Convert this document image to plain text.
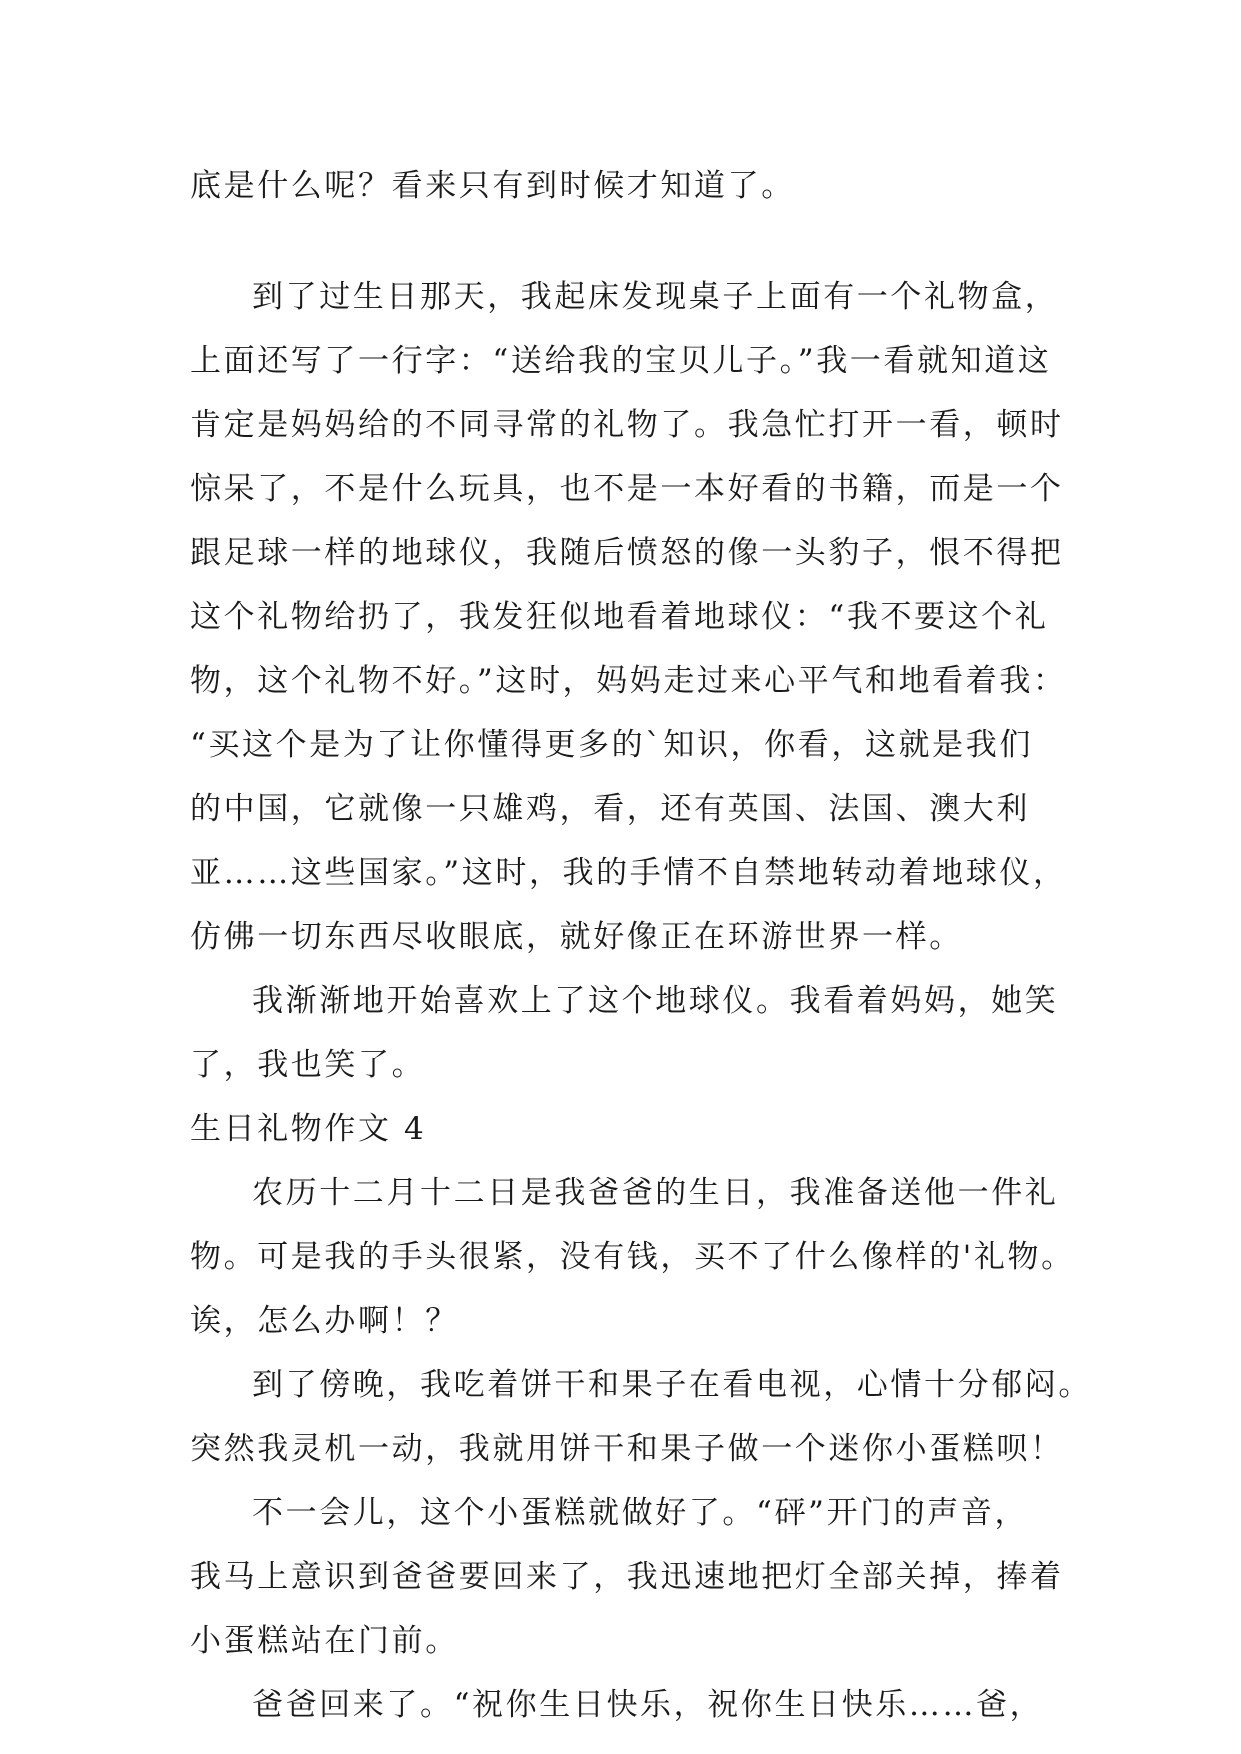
底是什么呢？看来只有到时候才知道了。
到了过生日那天，我起床发现桌子上面有一个礼物盒，
上面还写了一行字：“送给我的宝贝儿子。”我一看就知道这
肯定是妈妈给的不同寻常的礼物了。我急忙打开一看，顿时
惊呆了，不是什么玩具，也不是一本好看的书籍，而是一个
跟足球一样的地球仪，我随后愤怒的像一头豹子，恨不得把
这个礼物给扔了，我发狂似地看着地球仪：“我不要这个礼
物，这个礼物不好。”这时，妈妈走过来心平气和地看着我：
“买这个是为了让你懂得更多的`知识，你看，这就是我们
的中国，它就像一只雄鸡，看，还有英国、法国、澳大利
亚……这些国家。”这时，我的手情不自禁地转动着地球仪，
仿佛一切东西尽收眼底，就好像正在环游世界一样。
我渐渐地开始喜欢上了这个地球仪。我看着妈妈，她笑
了，我也笑了。
生日礼物作文 4
农历十二月十二日是我爸爸的生日，我准备送他一件礼
物。可是我的手头很紧，没有钱，买不了什么像样的'礼物。
诶，怎么办啊！？
到了傍晚，我吃着饼干和果子在看电视，心情十分郁闷。
突然我灵机一动，我就用饼干和果子做一个迷你小蛋糕呗！
不一会儿，这个小蛋糕就做好了。“砰”开门的声音，
我马上意识到爸爸要回来了，我迅速地把灯全部关掉，捧着
小蛋糕站在门前。
爸爸回来了。“祝你生日快乐，祝你生日快乐……爸，
